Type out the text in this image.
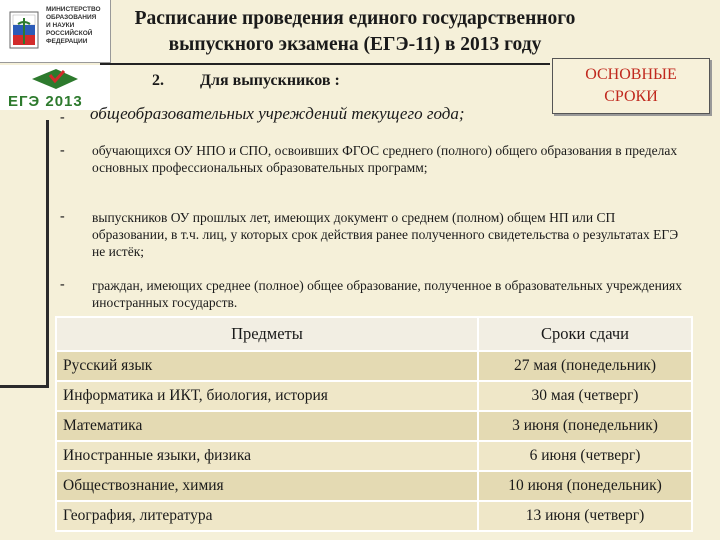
МИНИСТЕРСТВО
ОБРАЗОВАНИЯ
И НАУКИ
РОССИЙСКОЙ
ФЕДЕРАЦИИ
ЕГЭ 2013
Расписание проведения единого государственного выпускного экзамена (ЕГЭ-11) в 2013 году
ОСНОВНЫЕ
СРОКИ
2. Для выпускников :
- общеобразовательных учреждений текущего года;
- обучающихся ОУ НПО и СПО, освоивших ФГОС среднего (полного) общего образования в пределах основных профессиональных образовательных программ;
- выпускников ОУ прошлых лет, имеющих документ о среднем (полном) общем НП или СП образовании, в т.ч. лиц, у которых срок действия ранее полученного свидетельства о результатах ЕГЭ не истёк;
- граждан, имеющих среднее (полное) общее образование, полученное в образовательных учреждениях иностранных государств.
Предметы	Сроки сдачи
Русский язык	27 мая (понедельник)
Информатика и ИКТ, биология, история	30 мая (четверг)
Математика	3 июня (понедельник)
Иностранные языки, физика	6 июня (четверг)
Обществознание, химия	10 июня (понедельник)
География, литература	13 июня (четверг)
